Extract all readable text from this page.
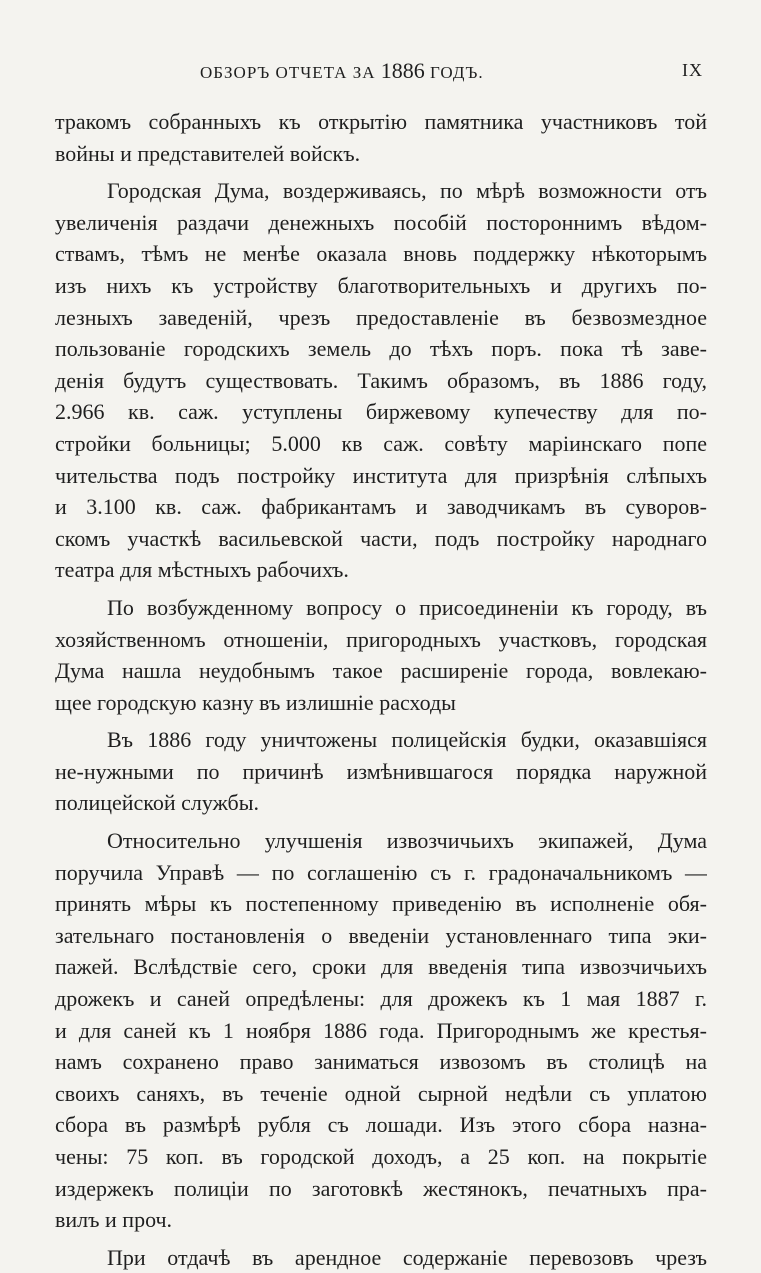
ОБЗОРЪ ОТЧЕТА ЗА 1886 ГОДЪ.	IX
тракомъ собранныхъ къ открытію памятника участниковъ той
войны и представителей войскъ.
Городская Дума, воздерживаясь, по мѣрѣ возможности отъ
увеличенія раздачи денежныхъ пособій постороннимъ вѣдом-
ствамъ, тѣмъ не менѣе оказала вновь поддержку нѣкоторымъ
изъ нихъ къ устройству благотворительныхъ и другихъ по-
лезныхъ заведеній, чрезъ предоставленіе въ безвозмездное
пользованіе городскихъ земель до тѣхъ поръ. пока тѣ заве-
денія будутъ существовать. Такимъ образомъ, въ 1886 году,
2.966 кв. саж. уступлены биржевому купечеству для по-
стройки больницы; 5.000 кв саж. совѣту маріинскаго попе
чительства подъ постройку института для призрѣнія слѣпыхъ
и 3.100 кв. саж. фабрикантамъ и заводчикамъ въ суворов-
скомъ участкѣ васильевской части, подъ постройку народнаго
театра для мѣстныхъ рабочихъ.
По возбужденному вопросу о присоединеніи къ городу, въ
хозяйственномъ отношеніи, пригородныхъ участковъ, городская
Дума нашла неудобнымъ такое расширеніе города, вовлекаю-
щее городскую казну въ излишніе расходы
Въ 1886 году уничтожены полицейскія будки, оказавшіяся
не-нужными по причинѣ измѣнившагося порядка наружной
полицейской службы.
Относительно улучшенія извозчичьихъ экипажей, Дума
поручила Управѣ — по соглашенію съ г. градоначальникомъ —
принять мѣры къ постепенному приведенію въ исполненіе обя-
зательнаго постановленія о введеніи установленнаго типа эки-
пажей. Вслѣдствіе сего, сроки для введенія типа извозчичьихъ
дрожекъ и саней опредѣлены: для дрожекъ къ 1 мая 1887 г.
и для саней къ 1 ноября 1886 года. Пригороднымъ же крестья-
намъ сохранено право заниматься извозомъ въ столицѣ на
своихъ саняхъ, въ теченіе одной сырной недѣли съ уплатою
сбора въ размѣрѣ рубля съ лошади. Изъ этого сбора назна-
чены: 75 коп. въ городской доходъ, а 25 коп. на покрытіе
издержекъ полиціи по заготовкѣ жестянокъ, печатныхъ пра-
вилъ и проч.
При отдачѣ въ арендное содержаніе перевозовъ чрезъ
